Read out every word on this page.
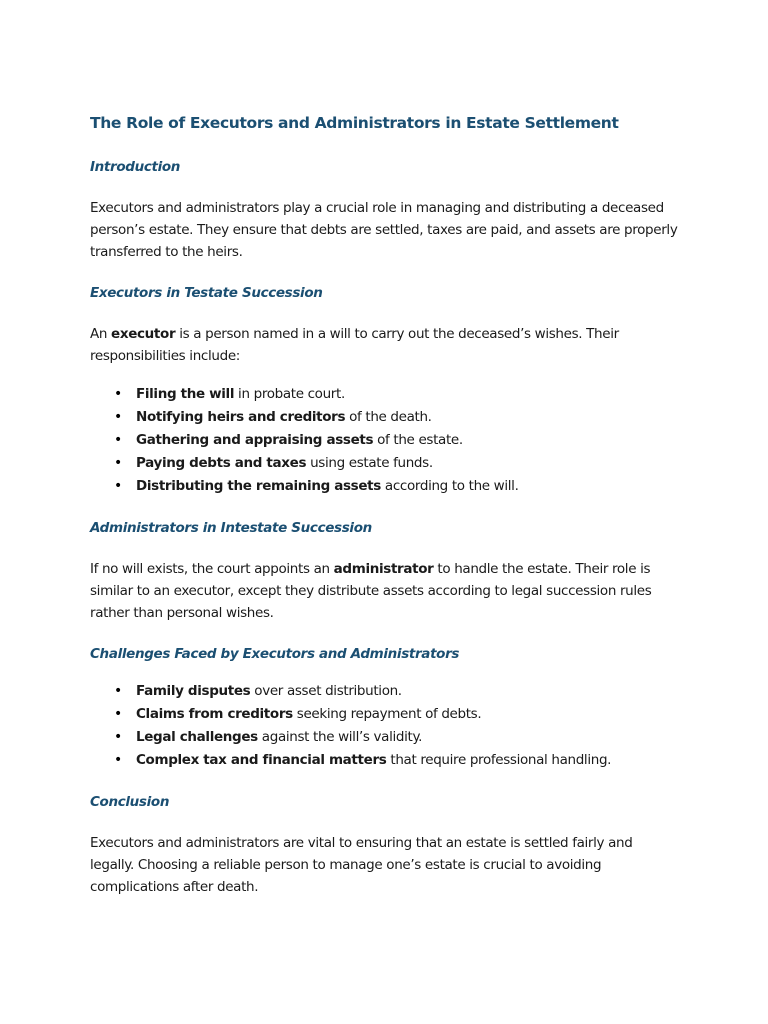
The Role of Executors and Administrators in Estate Settlement
Introduction

Executors and administrators play a crucial role in managing and distributing a deceased person’s estate. They ensure that debts are settled, taxes are paid, and assets are properly transferred to the heirs.

Executors in Testate Succession

An executor is a person named in a will to carry out the deceased’s wishes. Their responsibilities include:

• Filing the will in probate court.
• Notifying heirs and creditors of the death.
• Gathering and appraising assets of the estate.
• Paying debts and taxes using estate funds.
• Distributing the remaining assets according to the will.
Administrators in Intestate Succession

If no will exists, the court appoints an administrator to handle the estate. Their role is similar to an executor, except they distribute assets according to legal succession rules rather than personal wishes.

Challenges Faced by Executors and Administrators
• Family disputes over asset distribution.
• Claims from creditors seeking repayment of debts.
• Legal challenges against the will’s validity.
• Complex tax and financial matters that require professional handling.
Conclusion

Executors and administrators are vital to ensuring that an estate is settled fairly and legally. Choosing a reliable person to manage one’s estate is crucial to avoiding complications after death.
